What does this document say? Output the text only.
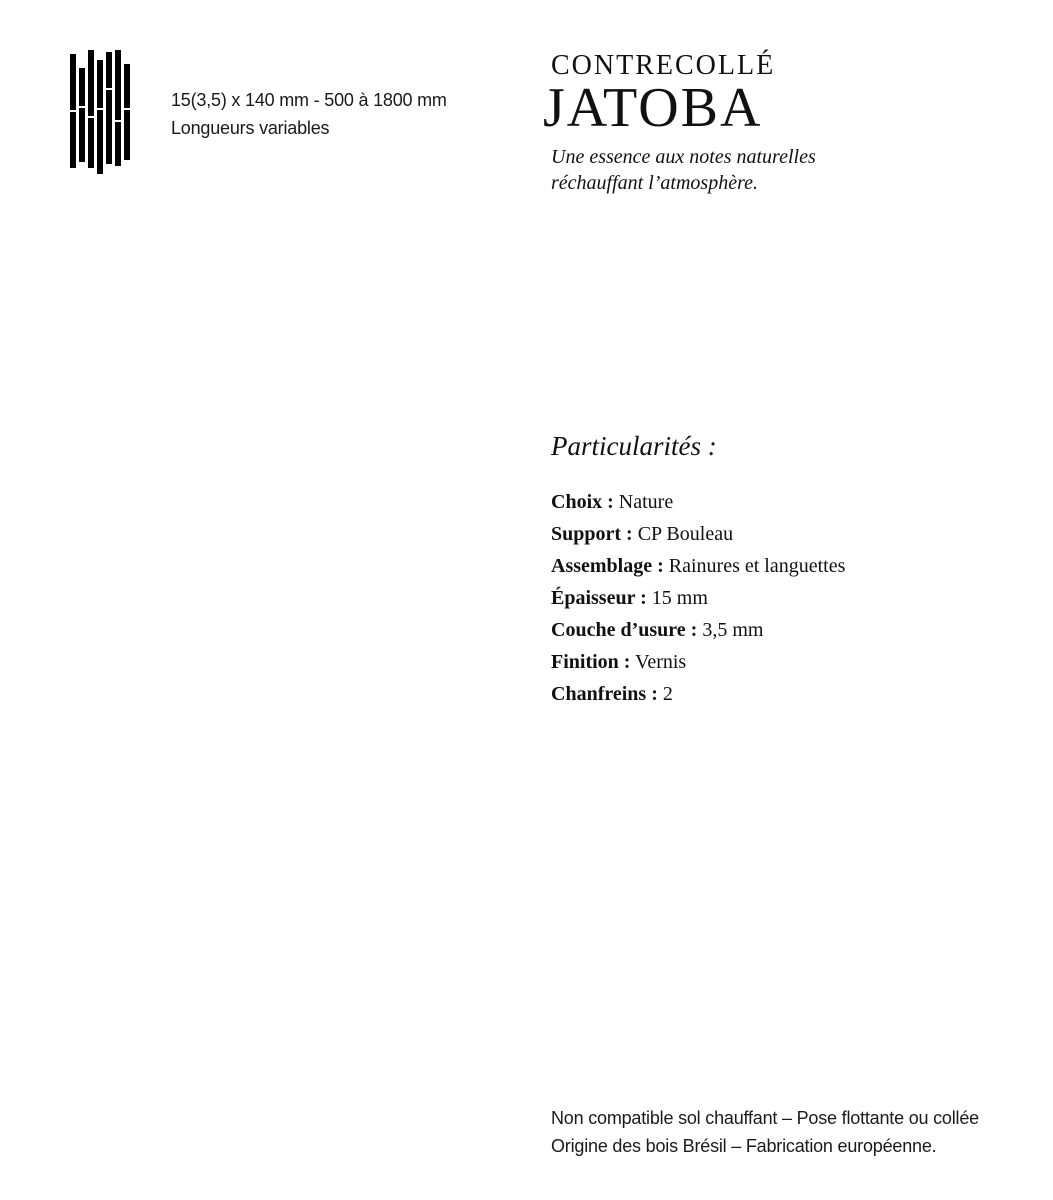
15(3,5) x 140 mm - 500 à 1800 mm
Longueurs variables
CONTRECOLLÉ
JATOBA
Une essence aux notes naturelles
réchauffant l’atmosphère.
Particularités :
Choix : Nature
Support : CP Bouleau
Assemblage : Rainures et languettes
Épaisseur : 15 mm
Couche d’usure : 3,5 mm
Finition : Vernis
Chanfreins : 2
Non compatible sol chauffant – Pose flottante ou collée
Origine des bois Brésil – Fabrication européenne.
